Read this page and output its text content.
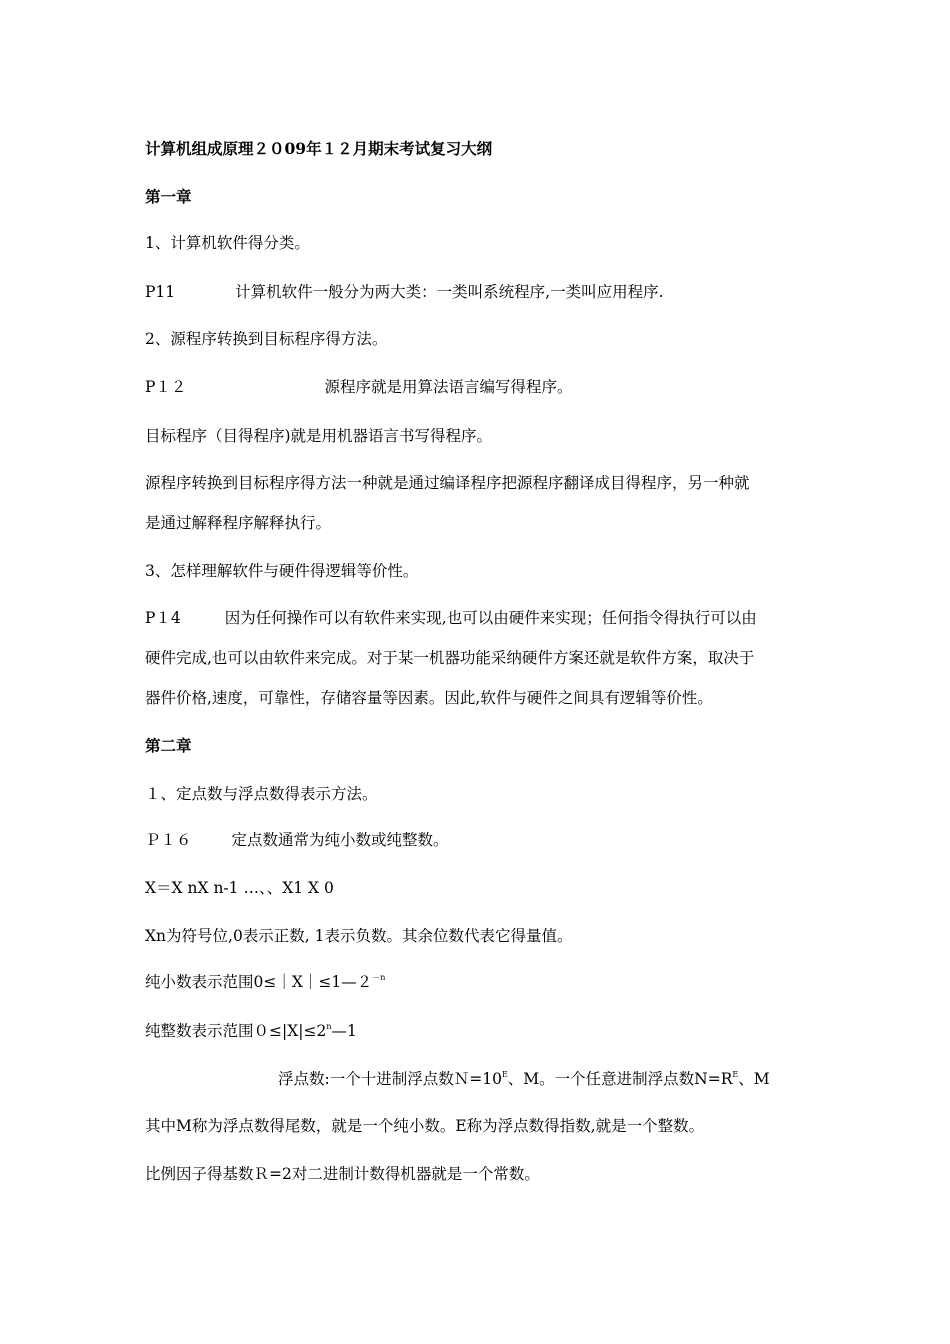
计算机组成原理２０09年１２月期末考试复习大纲
第一章
1、计算机软件得分类。
P11	计算机软件一般分为两大类：一类叫系统程序,一类叫应用程序.
2、源程序转换到目标程序得方法。
P１２	源程序就是用算法语言编写得程序。
目标程序（目得程序)就是用机器语言书写得程序。
源程序转换到目标程序得方法一种就是通过编译程序把源程序翻译成目得程序，另一种就
是通过解释程序解释执行。
3、怎样理解软件与硬件得逻辑等价性。
P１4	因为任何操作可以有软件来实现,也可以由硬件来实现；任何指令得执行可以由
硬件完成,也可以由软件来完成。对于某一机器功能采纳硬件方案还就是软件方案，取决于
器件价格,速度，可靠性，存储容量等因素。因此,软件与硬件之间具有逻辑等价性。
第二章
１、定点数与浮点数得表示方法。
Ｐ１６	定点数通常为纯小数或纯整数。
X＝X nX n-1 …、、X1 X 0
Xn为符号位,0表示正数, 1表示负数。其余位数代表它得量值。
纯小数表示范围$0\le|X|\le 1—2^{-n}$
纯整数表示范围$0\le|X|\le 2^n—1$
浮点数:一个十进制浮点数$N=10^E$、M。一个任意进制浮点数$N=R^E$、M
其中M称为浮点数得尾数，就是一个纯小数。E称为浮点数得指数,就是一个整数。
比例因子得基数Ｒ=2对二进制计数得机器就是一个常数。
